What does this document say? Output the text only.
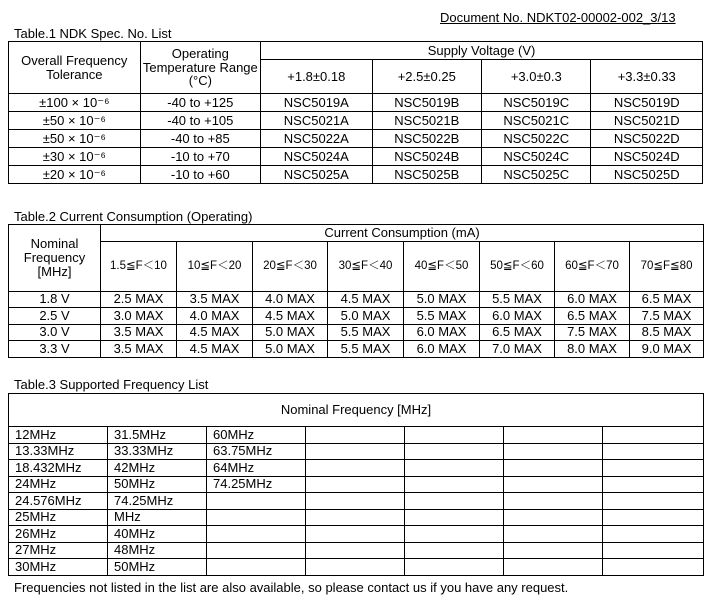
Document No. NDKT02-00002-002_3/13
Table.1 NDK Spec. No. List
Overall Frequency Tolerance	Operating Temperature Range (°C)	Supply Voltage (V)			
		+1.8±0.18	+2.5±0.25	+3.0±0.3	+3.3±0.33
±100 × 10⁻⁶	-40 to +125	NSC5019A	NSC5019B	NSC5019C	NSC5019D
±50 × 10⁻⁶	-40 to +105	NSC5021A	NSC5021B	NSC5021C	NSC5021D
±50 × 10⁻⁶	-40 to +85	NSC5022A	NSC5022B	NSC5022C	NSC5022D
±30 × 10⁻⁶	-10 to +70	NSC5024A	NSC5024B	NSC5024C	NSC5024D
±20 × 10⁻⁶	-10 to +60	NSC5025A	NSC5025B	NSC5025C	NSC5025D
Table.2 Current Consumption (Operating)
Nominal Frequency [MHz]	Current Consumption (mA)							
	1.5≦F＜10	10≦F＜20	20≦F＜30	30≦F＜40	40≦F＜50	50≦F＜60	60≦F＜70	70≦F≦80
1.8 V	2.5 MAX	3.5 MAX	4.0 MAX	4.5 MAX	5.0 MAX	5.5 MAX	6.0 MAX	6.5 MAX
2.5 V	3.0 MAX	4.0 MAX	4.5 MAX	5.0 MAX	5.5 MAX	6.0 MAX	6.5 MAX	7.5 MAX
3.0 V	3.5 MAX	4.5 MAX	5.0 MAX	5.5 MAX	6.0 MAX	6.5 MAX	7.5 MAX	8.5 MAX
3.3 V	3.5 MAX	4.5 MAX	5.0 MAX	5.5 MAX	6.0 MAX	7.0 MAX	8.0 MAX	9.0 MAX
Table.3 Supported Frequency List
Nominal Frequency [MHz]						
12MHz	31.5MHz	60MHz				
13.33MHz	33.33MHz	63.75MHz				
18.432MHz	42MHz	64MHz				
24MHz	50MHz	74.25MHz				
24.576MHz	74.25MHz					
25MHz	MHz					
26MHz	40MHz					
27MHz	48MHz					
30MHz	50MHz					
Frequencies not listed in the list are also available, so please contact us if you have any request.
